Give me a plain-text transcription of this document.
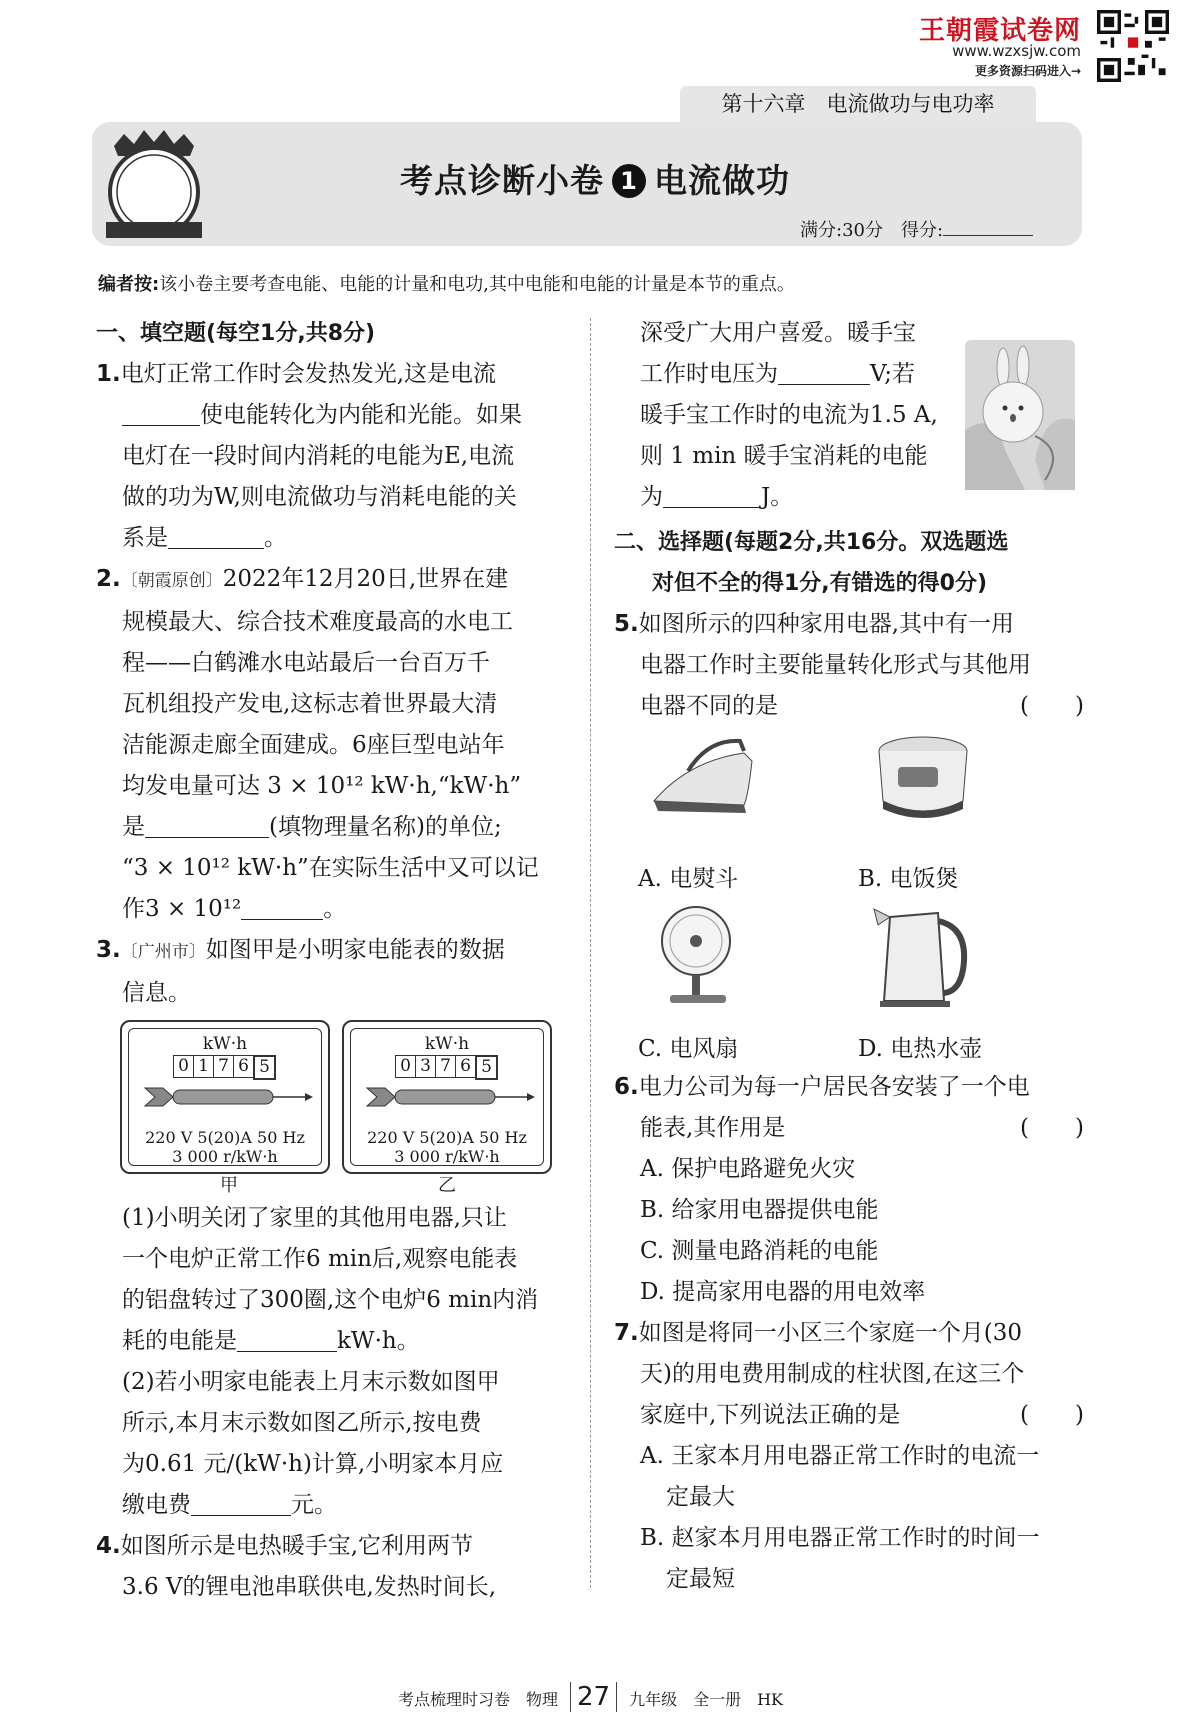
王朝霞试卷网
www.wzxsjw.com
更多资源扫码进入→
第十六章　电流做功与电功率
考点诊断小卷 1 电流做功
满分:30分　 得分:
编者按:该小卷主要考查电能、电能的计量和电功,其中电能和电能的计量是本节的重点。

一、填空题(每空1分,共8分)

1.电灯正常工作时会发热发光,这是电流

使电能转化为内能和光能。如果

电灯在一段时间内消耗的电能为E,电流

做的功为W,则电流做功与消耗电能的关

系是	。

2.〔朝霞原创〕2022年12月20日,世界在建

规模最大、综合技术难度最高的水电工

程——白鹤滩水电站最后一台百万千

瓦机组投产发电,这标志着世界最大清

洁能源走廊全面建成。6座巨型电站年

均发电量可达 3 × 10¹² kW·h,“kW·h”

是	(填物理量名称)的单位;

“3 × 10¹² kW·h”在实际生活中又可以记

作3 × 10¹²	。

3.〔广州市〕如图甲是小明家电能表的数据

信息。

kW·h
0 1 7 6 5
220 V 5(20)A 50 Hz
3 000 r/kW·h
kW·h
0 3 7 6 5
220 V 5(20)A 50 Hz
3 000 r/kW·h
甲	乙

(1)小明关闭了家里的其他用电器,只让

一个电炉正常工作6 min后,观察电能表

的铝盘转过了300圈,这个电炉6 min内消

耗的电能是	kW·h。

(2)若小明家电能表上月末示数如图甲

所示,本月末示数如图乙所示,按电费

为0.61 元/(kW·h)计算,小明家本月应

缴电费	元。

4.如图所示是电热暖手宝,它利用两节

3.6 V的锂电池串联供电,发热时间长,

深受广大用户喜爱。暖手宝

工作时电压为	V;若

暖手宝工作时的电流为1.5 A,

则 1 min 暖手宝消耗的电能

为	J。

二、选择题(每题2分,共16分。双选题选

对但不全的得1分,有错选的得0分)

5.如图所示的四种家用电器,其中有一用

电器工作时主要能量转化形式与其他用

电器不同的是	(　　)

A. 电熨斗	B. 电饭煲
C. 电风扇	D. 电热水壶

6.电力公司为每一户居民各安装了一个电

能表,其作用是	(　　)

A. 保护电路避免火灾

B. 给家用电器提供电能

C. 测量电路消耗的电能

D. 提高家用电器的用电效率

7.如图是将同一小区三个家庭一个月(30

天)的用电费用制成的柱状图,在这三个

家庭中,下列说法正确的是	(　　)

A. 王家本月用电器正常工作时的电流一

定最大

B. 赵家本月用电器正常工作时的时间一

定最短

考点梳理时习卷　物理 27 九年级　全一册　HK
